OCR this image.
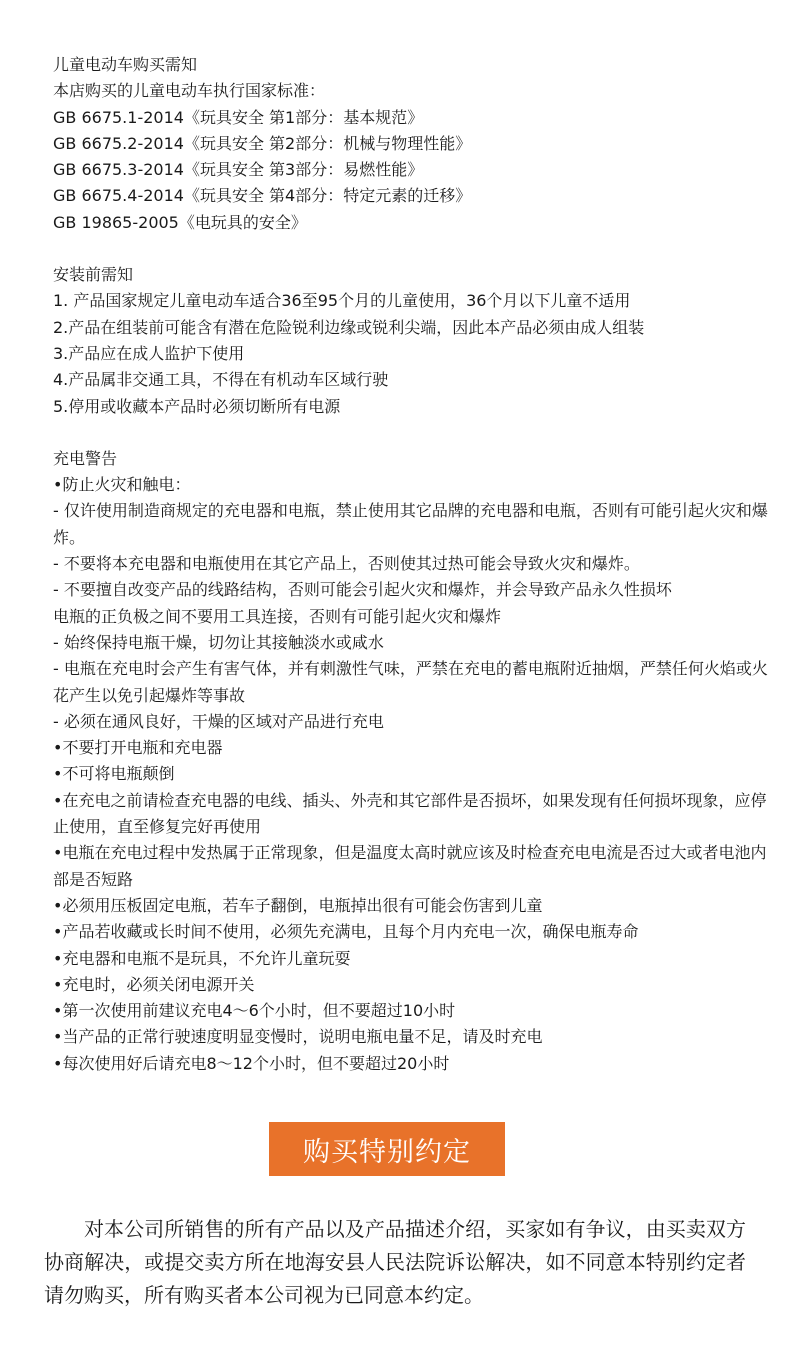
儿童电动车购买需知

本店购买的儿童电动车执行国家标准：

GB 6675.1-2014《玩具安全 第1部分：基本规范》

GB 6675.2-2014《玩具安全 第2部分：机械与物理性能》

GB 6675.3-2014《玩具安全 第3部分：易燃性能》

GB 6675.4-2014《玩具安全 第4部分：特定元素的迁移》

GB 19865-2005《电玩具的安全》

安装前需知

1. 产品国家规定儿童电动车适合36至95个月的儿童使用，36个月以下儿童不适用

2.产品在组装前可能含有潜在危险锐利边缘或锐利尖端，因此本产品必须由成人组装

3.产品应在成人监护下使用

4.产品属非交通工具，不得在有机动车区域行驶

5.停用或收藏本产品时必须切断所有电源

充电警告

•防止火灾和触电：

- 仅许使用制造商规定的充电器和电瓶，禁止使用其它品牌的充电器和电瓶，否则有可能引起火灾和爆炸。

- 不要将本充电器和电瓶使用在其它产品上，否则使其过热可能会导致火灾和爆炸。

- 不要擅自改变产品的线路结构，否则可能会引起火灾和爆炸，并会导致产品永久性损坏

电瓶的正负极之间不要用工具连接，否则有可能引起火灾和爆炸

- 始终保持电瓶干燥，切勿让其接触淡水或咸水

- 电瓶在充电时会产生有害气体，并有刺激性气味，严禁在充电的蓄电瓶附近抽烟，严禁任何火焰或火花产生以免引起爆炸等事故

- 必须在通风良好，干燥的区域对产品进行充电

•不要打开电瓶和充电器

•不可将电瓶颠倒

•在充电之前请检查充电器的电线、插头、外壳和其它部件是否损坏，如果发现有任何损坏现象，应停止使用，直至修复完好再使用

•电瓶在充电过程中发热属于正常现象，但是温度太高时就应该及时检查充电电流是否过大或者电池内部是否短路

•必须用压板固定电瓶，若车子翻倒，电瓶掉出很有可能会伤害到儿童

•产品若收藏或长时间不使用，必须先充满电，且每个月内充电一次，确保电瓶寿命

•充电器和电瓶不是玩具，不允许儿童玩耍

•充电时，必须关闭电源开关

•第一次使用前建议充电4～6个小时，但不要超过10小时

•当产品的正常行驶速度明显变慢时，说明电瓶电量不足，请及时充电

•每次使用好后请充电8～12个小时，但不要超过20小时

购买特别约定

对本公司所销售的所有产品以及产品描述介绍，买家如有争议，由买卖双方协商解决，或提交卖方所在地海安县人民法院诉讼解决，如不同意本特别约定者请勿购买，所有购买者本公司视为已同意本约定。
